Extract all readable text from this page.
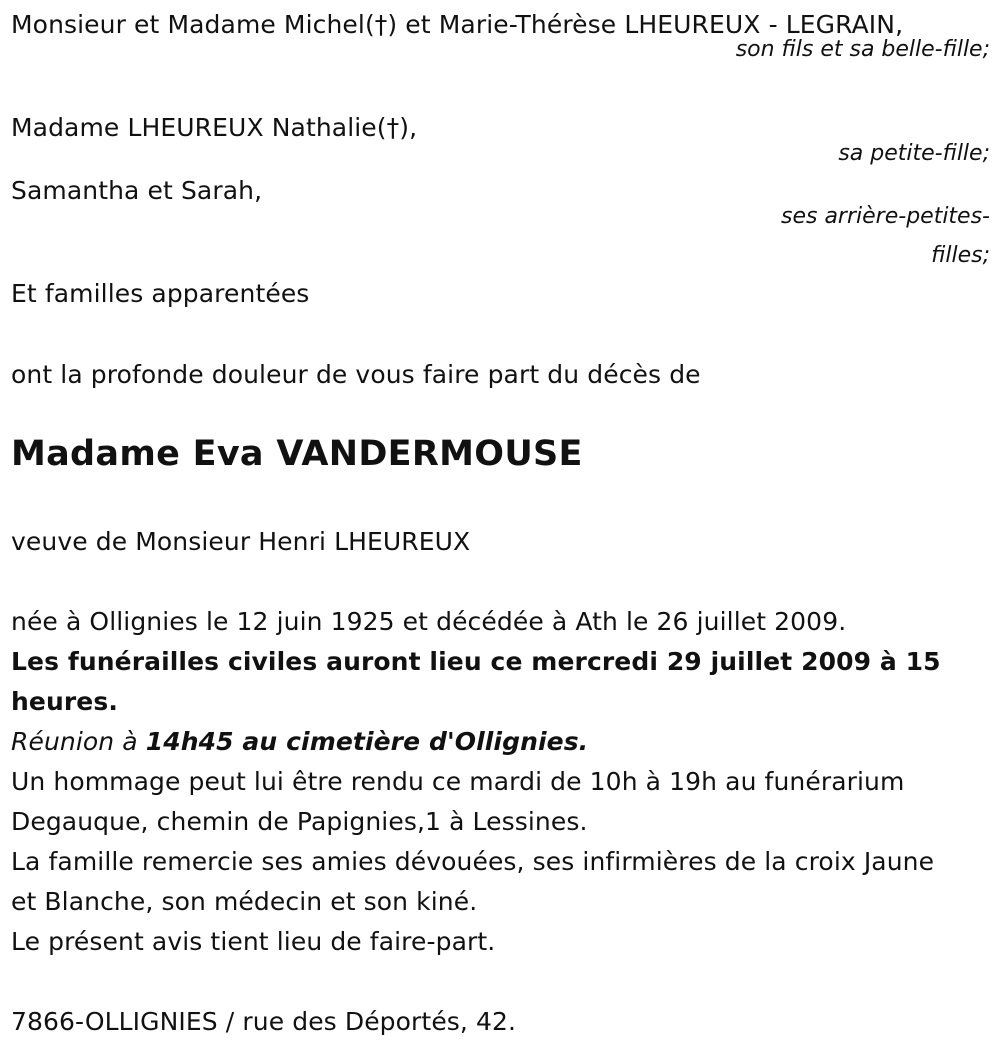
Monsieur et Madame Michel(†) et Marie-Thérèse LHEUREUX - LEGRAIN,
son fils et sa belle-fille;
Madame LHEUREUX Nathalie(†),
sa petite-fille;
Samantha et Sarah,
ses arrière-petites-filles;
Et familles apparentées
ont la profonde douleur de vous faire part du décès de
Madame Eva VANDERMOUSE
veuve de Monsieur Henri LHEUREUX
née à Ollignies le 12 juin 1925 et décédée à Ath le 26 juillet 2009.
Les funérailles civiles auront lieu ce mercredi 29 juillet 2009 à 15
heures.
Réunion à 14h45 au cimetière d'Ollignies.
Un hommage peut lui être rendu ce mardi de 10h à 19h au funérarium
Degauque, chemin de Papignies,1 à Lessines.
La famille remercie ses amies dévouées, ses infirmières de la croix Jaune
et Blanche, son médecin et son kiné.
Le présent avis tient lieu de faire-part.
7866-OLLIGNIES / rue des Déportés, 42.
